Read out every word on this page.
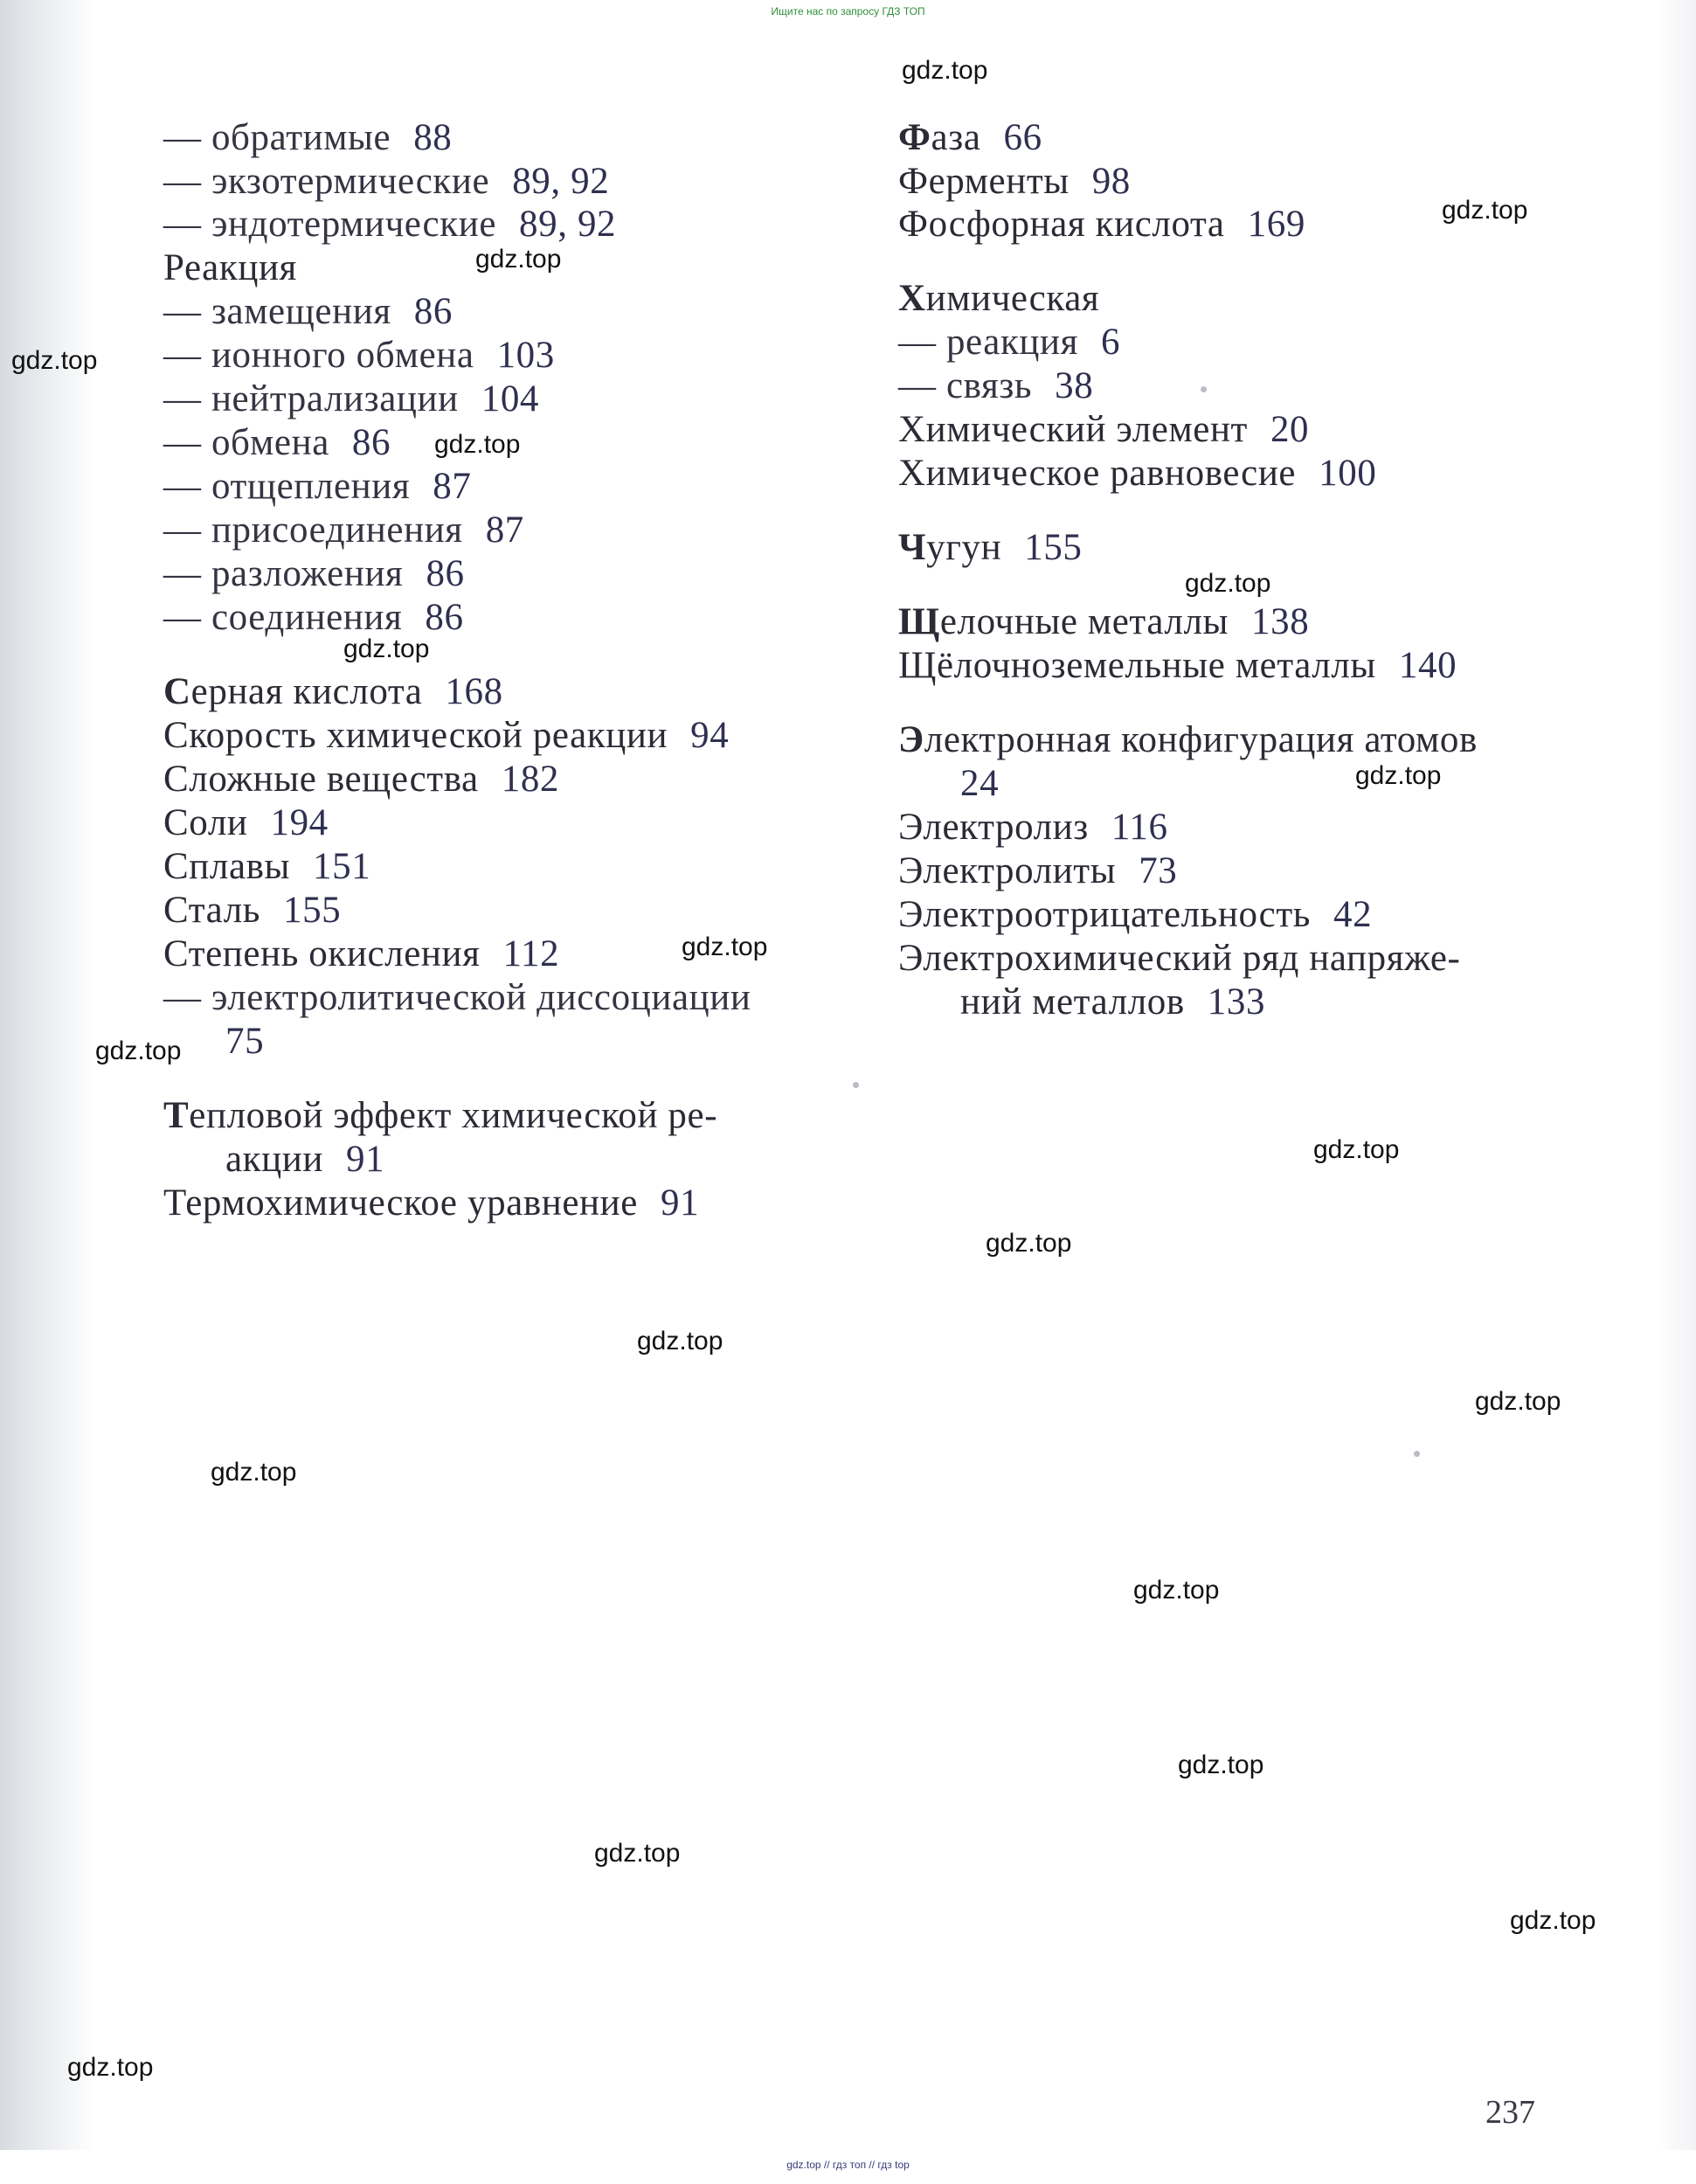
Ищите нас по запросу ГДЗ ТОП
— обратимые 88
— экзотермические 89, 92
— эндотермические 89, 92
Реакция
— замещения 86
— ионного обмена 103
— нейтрализации 104
— обмена 86
— отщепления 87
— присоединения 87
— разложения 86
— соединения 86
Серная кислота 168
Скорость химической реакции 94
Сложные вещества 182
Соли 194
Сплавы 151
Сталь 155
Степень окисления 112
— электролитической диссоциации
75
Тепловой эффект химической ре-
акции 91
Термохимическое уравнение 91
Фаза 66
Ферменты 98
Фосфорная кислота 169
Химическая
— реакция 6
— связь 38
Химический элемент 20
Химическое равновесие 100
Чугун 155
Щелочные металлы 138
Щёлочноземельные металлы 140
Электронная конфигурация атомов
24
Электролиз 116
Электролиты 73
Электроотрицательность 42
Электрохимический ряд напряже-
ний металлов 133
237
gdz.top
gdz.top
gdz.top
gdz.top
gdz.top
gdz.top
gdz.top
gdz.top
gdz.top
gdz.top
gdz.top
gdz.top
gdz.top
gdz.top
gdz.top
gdz.top
gdz.top
gdz.top
gdz.top
gdz.top
gdz.top // гдз топ // гдз top
